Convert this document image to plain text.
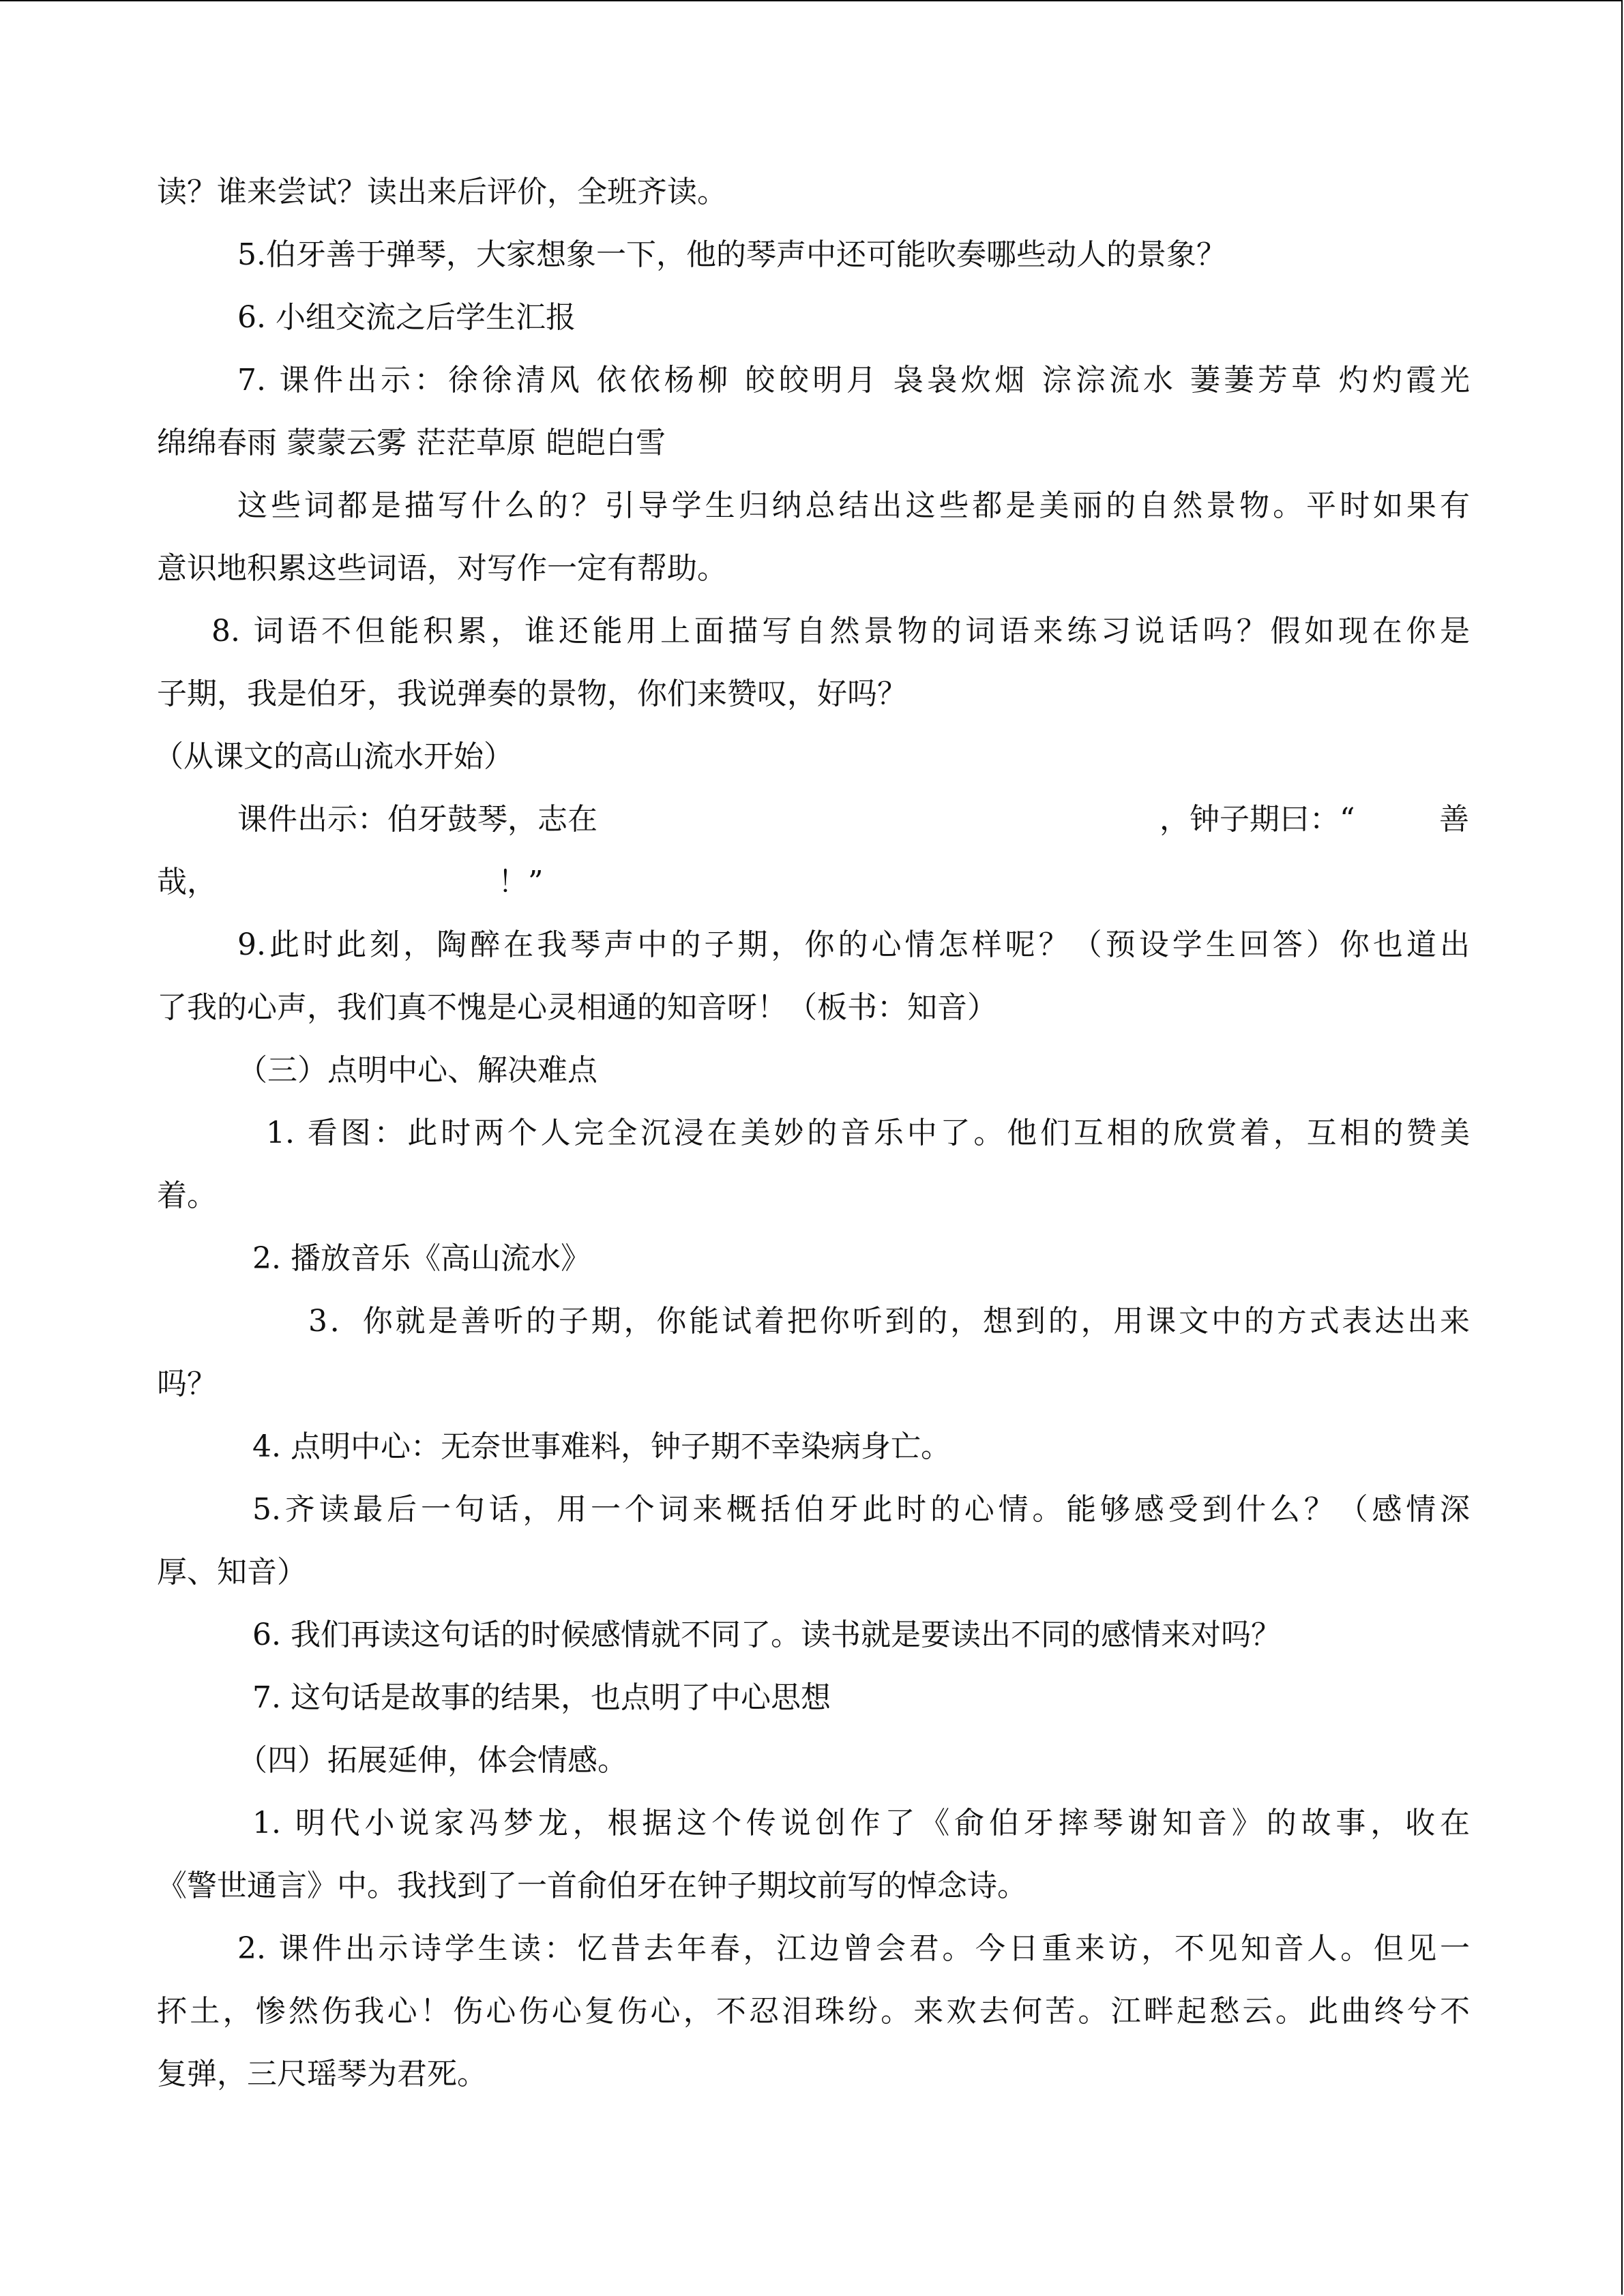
读？谁来尝试？读出来后评价，全班齐读。
5.伯牙善于弹琴，大家想象一下，他的琴声中还可能吹奏哪些动人的景象？
6. 小组交流之后学生汇报
7. 课件出示：徐徐清风 依依杨柳 皎皎明月 袅袅炊烟 淙淙流水 萋萋芳草 灼灼霞光
绵绵春雨 蒙蒙云雾 茫茫草原 皑皑白雪
这些词都是描写什么的？引导学生归纳总结出这些都是美丽的自然景物。平时如果有
意识地积累这些词语，对写作一定有帮助。
8. 词语不但能积累，谁还能用上面描写自然景物的词语来练习说话吗？假如现在你是
子期，我是伯牙，我说弹奏的景物，你们来赞叹，好吗？
（从课文的高山流水开始）
课件出示：伯牙鼓琴，志在	，钟子期曰：“	善
哉，	！”
9.此时此刻，陶醉在我琴声中的子期，你的心情怎样呢？（预设学生回答）你也道出
了我的心声，我们真不愧是心灵相通的知音呀！（板书：知音）
（三）点明中心、解决难点
1. 看图：此时两个人完全沉浸在美妙的音乐中了。他们互相的欣赏着，互相的赞美
着。
2. 播放音乐《高山流水》
3．你就是善听的子期，你能试着把你听到的，想到的，用课文中的方式表达出来
吗？
4. 点明中心：无奈世事难料，钟子期不幸染病身亡。
5.齐读最后一句话，用一个词来概括伯牙此时的心情。能够感受到什么？（感情深
厚、知音）
6. 我们再读这句话的时候感情就不同了。读书就是要读出不同的感情来对吗？
7. 这句话是故事的结果，也点明了中心思想
（四）拓展延伸，体会情感。
1. 明代小说家冯梦龙，根据这个传说创作了《俞伯牙摔琴谢知音》的故事，收在
《警世通言》中。我找到了一首俞伯牙在钟子期坟前写的悼念诗。
2. 课件出示诗学生读：忆昔去年春，江边曾会君。今日重来访，不见知音人。但见一
抔土，惨然伤我心！伤心伤心复伤心，不忍泪珠纷。来欢去何苦。江畔起愁云。此曲终兮不
复弹，三尺瑶琴为君死。
